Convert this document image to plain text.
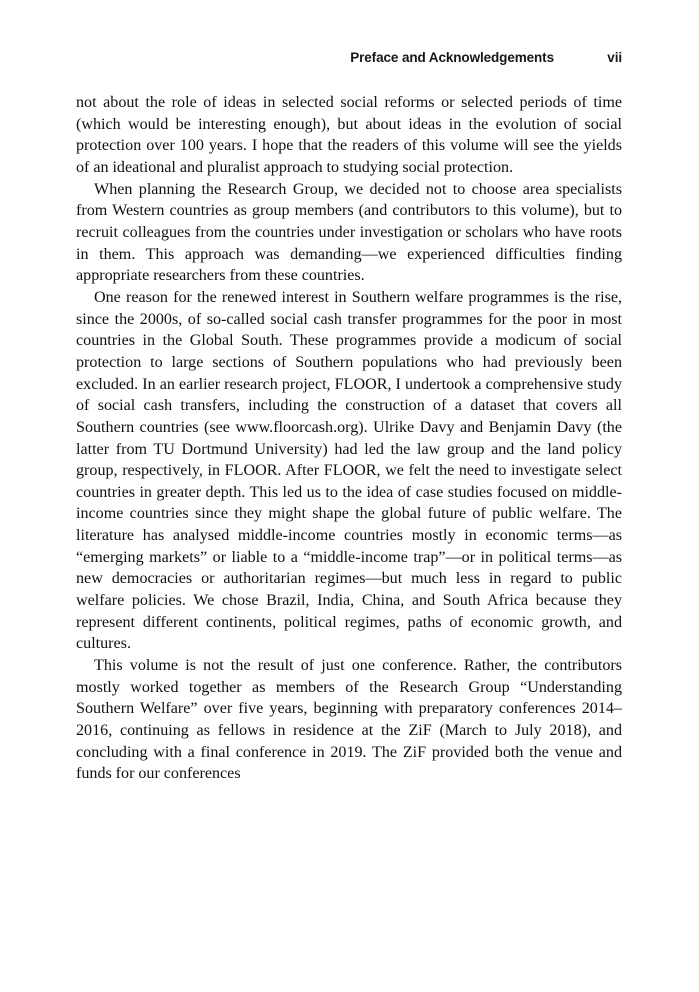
Preface and Acknowledgements	vii

not about the role of ideas in selected social reforms or selected periods of time (which would be interesting enough), but about ideas in the evolution of social protection over 100 years. I hope that the readers of this volume will see the yields of an ideational and pluralist approach to studying social protection.

When planning the Research Group, we decided not to choose area specialists from Western countries as group members (and contributors to this volume), but to recruit colleagues from the countries under investigation or scholars who have roots in them. This approach was demanding—we experienced difficulties finding appropriate researchers from these countries.

One reason for the renewed interest in Southern welfare programmes is the rise, since the 2000s, of so-called social cash transfer programmes for the poor in most countries in the Global South. These programmes provide a modicum of social protection to large sections of Southern populations who had previously been excluded. In an earlier research project, FLOOR, I undertook a comprehensive study of social cash transfers, including the construction of a dataset that covers all Southern countries (see www.floorcash.org). Ulrike Davy and Benjamin Davy (the latter from TU Dortmund University) had led the law group and the land policy group, respectively, in FLOOR. After FLOOR, we felt the need to investigate select countries in greater depth. This led us to the idea of case studies focused on middle-income countries since they might shape the global future of public welfare. The literature has analysed middle-income countries mostly in economic terms—as “emerging markets” or liable to a “middle-income trap”—or in political terms—as new democracies or authoritarian regimes—but much less in regard to public welfare policies. We chose Brazil, India, China, and South Africa because they represent different continents, political regimes, paths of economic growth, and cultures.

This volume is not the result of just one conference. Rather, the contributors mostly worked together as members of the Research Group “Understanding Southern Welfare” over five years, beginning with preparatory conferences 2014–2016, continuing as fellows in residence at the ZiF (March to July 2018), and concluding with a final conference in 2019. The ZiF provided both the venue and funds for our conferences
